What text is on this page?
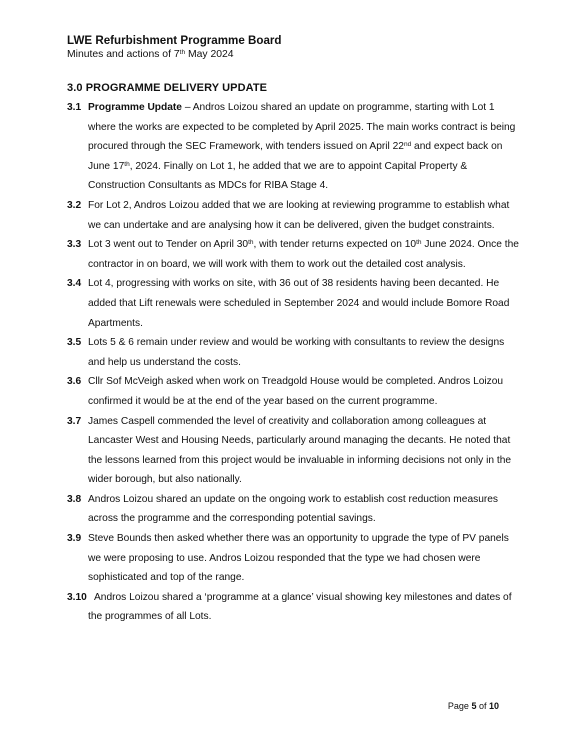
LWE Refurbishment Programme Board
Minutes and actions of 7th May 2024
3.0 PROGRAMME DELIVERY UPDATE
3.1 Programme Update – Andros Loizou shared an update on programme, starting with Lot 1 where the works are expected to be completed by April 2025. The main works contract is being procured through the SEC Framework, with tenders issued on April 22nd and expect back on June 17th, 2024. Finally on Lot 1, he added that we are to appoint Capital Property & Construction Consultants as MDCs for RIBA Stage 4.
3.2 For Lot 2, Andros Loizou added that we are looking at reviewing programme to establish what we can undertake and are analysing how it can be delivered, given the budget constraints.
3.3 Lot 3 went out to Tender on April 30th, with tender returns expected on 10th June 2024. Once the contractor in on board, we will work with them to work out the detailed cost analysis.
3.4 Lot 4, progressing with works on site, with 36 out of 38 residents having been decanted. He added that Lift renewals were scheduled in September 2024 and would include Bomore Road Apartments.
3.5 Lots 5 & 6 remain under review and would be working with consultants to review the designs and help us understand the costs.
3.6 Cllr Sof McVeigh asked when work on Treadgold House would be completed. Andros Loizou confirmed it would be at the end of the year based on the current programme.
3.7 James Caspell commended the level of creativity and collaboration among colleagues at Lancaster West and Housing Needs, particularly around managing the decants. He noted that the lessons learned from this project would be invaluable in informing decisions not only in the wider borough, but also nationally.
3.8 Andros Loizou shared an update on the ongoing work to establish cost reduction measures across the programme and the corresponding potential savings.
3.9 Steve Bounds then asked whether there was an opportunity to upgrade the type of PV panels we were proposing to use. Andros Loizou responded that the type we had chosen were sophisticated and top of the range.
3.10 Andros Loizou shared a ‘programme at a glance’ visual showing key milestones and dates of the programmes of all Lots.
Page 5 of 10
